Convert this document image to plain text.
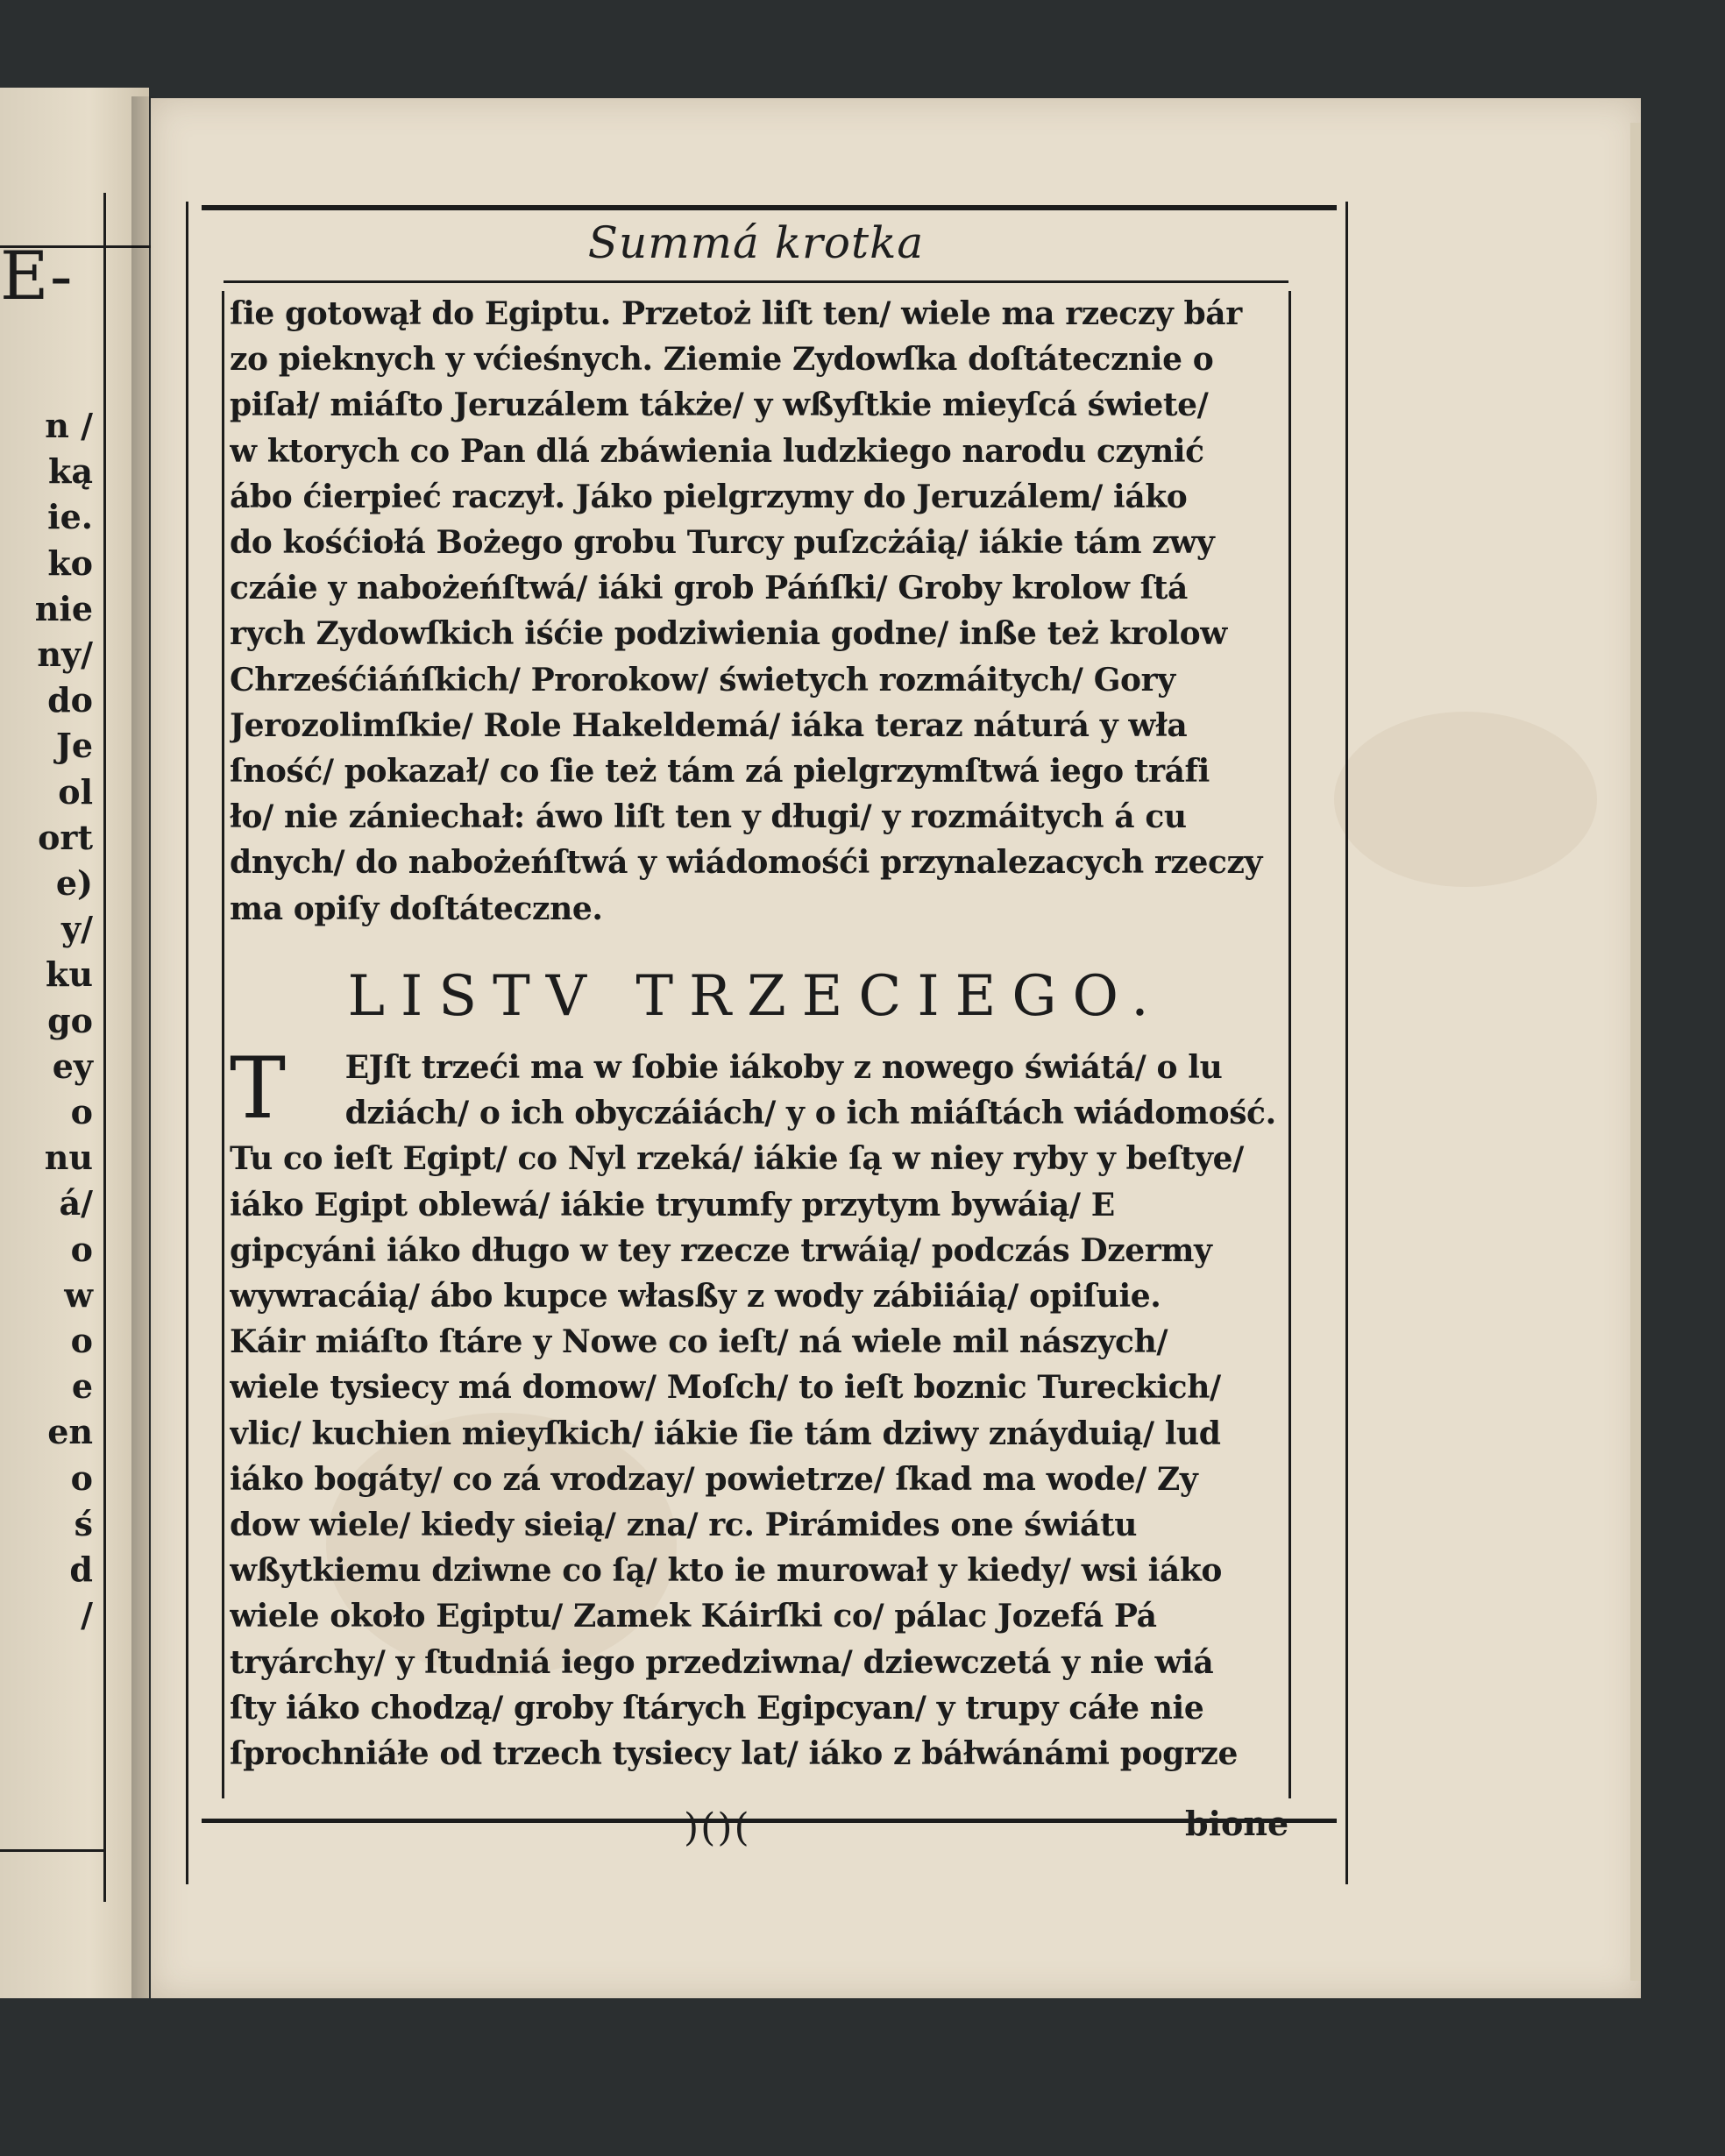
E-
n /
ką
ie.
ko
nie
ny/
do
Je
ol
ort
e)
y/
ku
go
ey
o
nu
á/
o
w
o
e
en
o
ś
d
/
Summá krotka
ſie gotowął do Egiptu. Przetoż liſt ten/ wiele ma rzeczy bár
zo pieknych y vćieśnych. Ziemie Zydowſka doſtátecznie o
piſał/ miáſto Jeruzálem tákże/ y wßyſtkie mieyſcá świete/
w ktorych co Pan dlá zbáwienia ludzkiego narodu czynić
ábo ćierpieć raczył. Jáko pielgrzymy do Jeruzálem/ iáko
do kośćiołá Bożego grobu Turcy puſzcżáią/ iákie tám zwy
czáie y nabożeńſtwá/ iáki grob Páńſki/ Groby krolow ſtá
rych Zydowſkich iśćie podziwienia godne/ inße też krolow
Chrześćiáńſkich/ Prorokow/ świetych rozmáitych/ Gory
Jerozolimſkie/ Role Hakeldemá/ iáka teraz náturá y wła
ſność/ pokazał/ co ſie też tám zá pielgrzymſtwá iego tráfi
ło/ nie zániechał: áwo liſt ten y długi/ y rozmáitych á cu
dnych/ do nabożeńſtwá y wiádomośći przynalezacych rzeczy
ma opiſy doſtáteczne.
LISTV TRZECIEGO.
T	EJſt trzeći ma w ſobie iákoby z nowego świátá/ o lu
dziách/ o ich obyczáiách/ y o ich miáſtách wiádomość.
Tu co ieſt Egipt/ co Nyl rzeká/ iákie ſą w niey ryby y beſtye/
iáko Egipt oblewá/ iákie tryumfy przytym bywáią/ E
gipcyáni iáko długo w tey rzecze trwáią/ podczás Dzermy
wywracáią/ ábo kupce własßy z wody zábiiáią/ opiſuie.
Káir miáſto ſtáre y Nowe co ieſt/ ná wiele mil nászych/
wiele tysiecy má domow/ Moſch/ to ieſt boznic Tureckich/
vlic/ kuchien mieyſkich/ iákie ſie tám dziwy znáyduią/ lud
iáko bogáty/ co zá vrodzay/ powietrze/ ſkad ma wode/ Zy
dow wiele/ kiedy sieią/ zna/ rc. Pirámides one świátu
wßytkiemu dziwne co ſą/ kto ie murował y kiedy/ wsi iáko
wiele około Egiptu/ Zamek Káirſki co/ pálac Jozefá Pá
tryárchy/ y ſtudniá iego przedziwna/ dziewczetá y nie wiá
ſty iáko chodzą/ groby ſtárych Egipcyan/ y trupy cáłe nie
ſprochniáłe od trzech tysiecy lat/ iáko z báłwánámi pogrze

)()(	bione
